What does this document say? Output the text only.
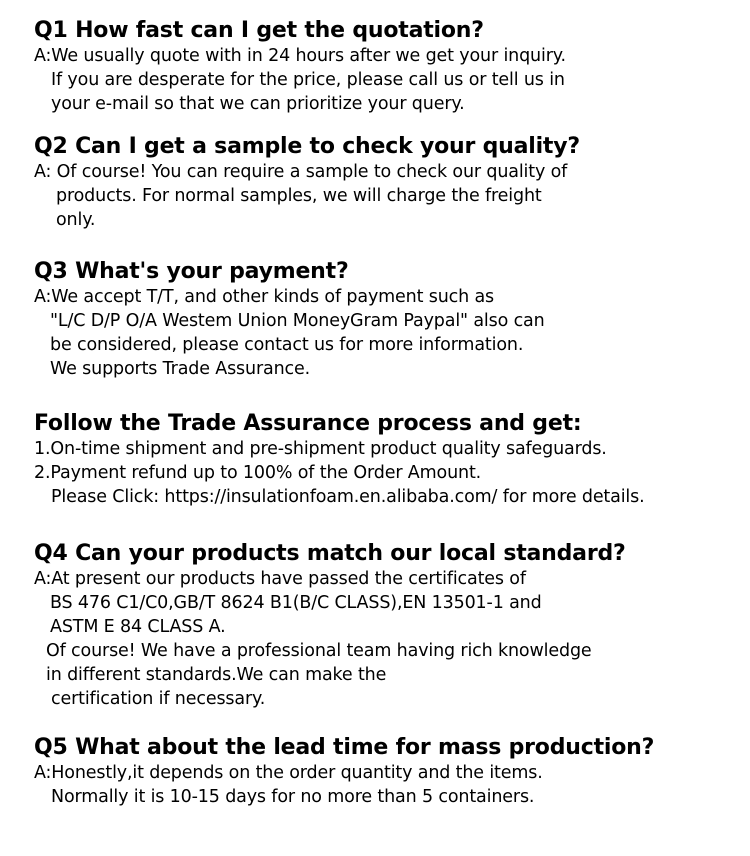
Q1 How fast can I get the quotation?
A:We usually quote with in 24 hours after we get your inquiry.
If you are desperate for the price, please call us or tell us in
your e-mail so that we can prioritize your query.
Q2 Can I get a sample to check your quality?
A: Of course! You can require a sample to check our quality of
products. For normal samples, we will charge the freight
only.
Q3 What's your payment?
A:We accept T/T, and other kinds of payment such as
"L/C D/P O/A Westem Union MoneyGram Paypal" also can
be considered, please contact us for more information.
We supports Trade Assurance.
Follow the Trade Assurance process and get:
1.On-time shipment and pre-shipment product quality safeguards.
2.Payment refund up to 100% of the Order Amount.
Please Click: https://insulationfoam.en.alibaba.com/ for more details.
Q4 Can your products match our local standard?
A:At present our products have passed the certificates of
BS 476 C1/C0,GB/T 8624 B1(B/C CLASS),EN 13501-1 and
ASTM E 84 CLASS A.
Of course! We have a professional team having rich knowledge
in different standards.We can make the
certification if necessary.
Q5 What about the lead time for mass production?
A:Honestly,it depends on the order quantity and the items.
Normally it is 10-15 days for no more than 5 containers.
